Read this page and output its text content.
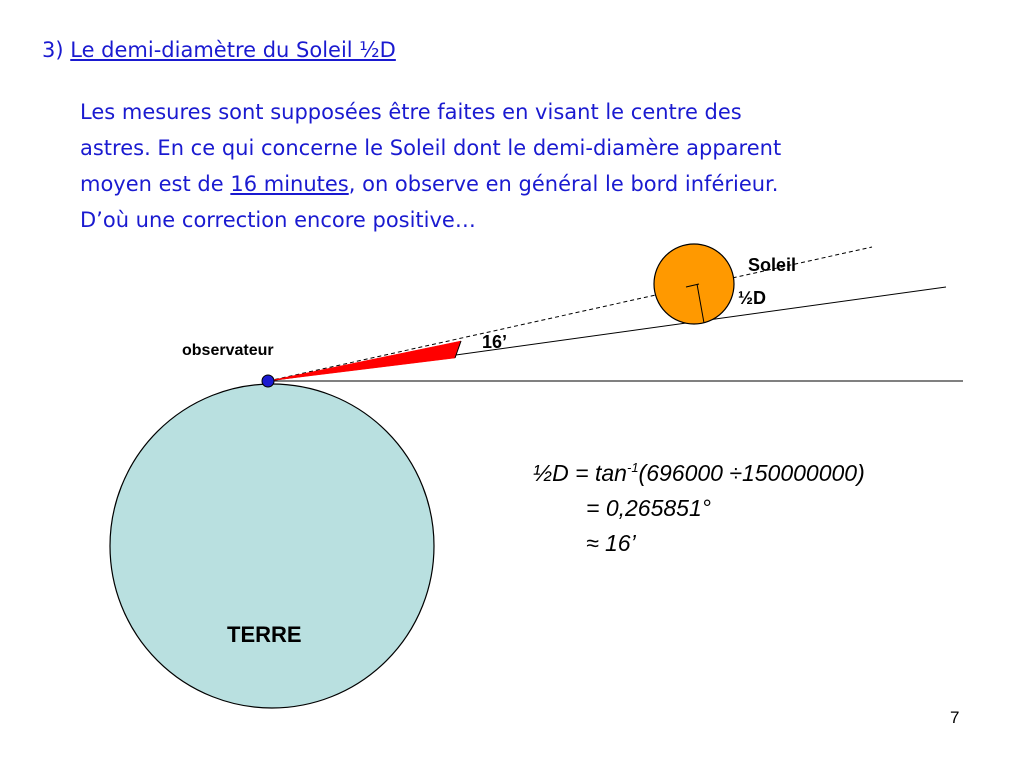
3) Le demi-diamètre du Soleil ½D
Les mesures sont supposées être faites en visant le centre des
astres. En ce qui concerne le Soleil dont le demi-diamère apparent
moyen est de 16 minutes, on observe en général le bord inférieur.
D’où une correction encore positive…
observateur	16’
Soleil
½D
TERRE
½D = $\tan^{-1}(696000 \div 150000000)$
= 0,265851°
≈ 16’
7
